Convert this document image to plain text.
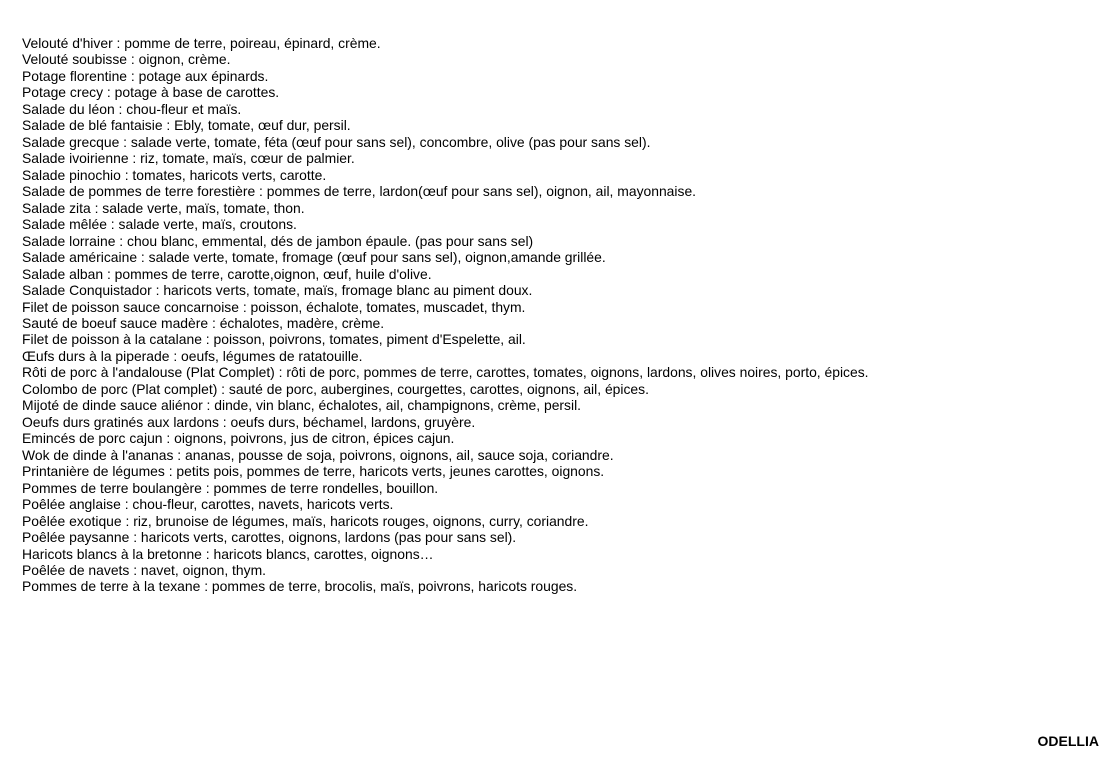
Velouté d'hiver : pomme de terre, poireau, épinard, crème.
Velouté soubisse : oignon, crème.
Potage florentine : potage aux épinards.
Potage crecy : potage à base de carottes.
Salade du léon : chou-fleur et maïs.
Salade de blé fantaisie : Ebly, tomate, œuf dur, persil.
Salade grecque : salade verte, tomate, féta (œuf pour sans sel), concombre, olive (pas pour sans sel).
Salade ivoirienne : riz, tomate, maïs, cœur de palmier.
Salade pinochio : tomates, haricots verts, carotte.
Salade de pommes de terre forestière : pommes de terre, lardon(œuf pour sans sel), oignon, ail, mayonnaise.
Salade zita : salade verte, maïs, tomate, thon.
Salade mêlée : salade verte, maïs, croutons.
Salade lorraine : chou blanc, emmental, dés de jambon épaule. (pas pour sans sel)
Salade américaine : salade verte, tomate, fromage (œuf pour sans sel), oignon,amande grillée.
Salade alban : pommes de terre, carotte,oignon, œuf, huile d'olive.
Salade Conquistador : haricots verts, tomate, maïs, fromage blanc au piment doux.
Filet de poisson sauce concarnoise : poisson, échalote, tomates, muscadet, thym.
Sauté de boeuf sauce madère : échalotes, madère, crème.
Filet de poisson à la catalane : poisson, poivrons, tomates, piment d'Espelette, ail.
Œufs durs à la piperade : oeufs, légumes de ratatouille.
Rôti de porc à l'andalouse (Plat Complet) : rôti de porc, pommes de terre, carottes, tomates, oignons, lardons, olives noires, porto, épices.
Colombo de porc (Plat complet) : sauté de porc, aubergines, courgettes, carottes, oignons, ail, épices.
Mijoté de dinde sauce aliénor : dinde, vin blanc, échalotes, ail, champignons, crème, persil.
Oeufs durs gratinés aux lardons : oeufs durs, béchamel, lardons, gruyère.
Emincés de porc cajun : oignons, poivrons, jus de citron, épices cajun.
Wok de dinde à l'ananas : ananas, pousse de soja, poivrons, oignons, ail, sauce soja, coriandre.
Printanière de légumes : petits pois, pommes de terre, haricots verts, jeunes carottes, oignons.
Pommes de terre boulangère : pommes de terre rondelles, bouillon.
Poêlée anglaise : chou-fleur, carottes, navets, haricots verts.
Poêlée exotique : riz, brunoise de légumes, maïs, haricots rouges, oignons, curry, coriandre.
Poêlée paysanne : haricots verts, carottes, oignons, lardons (pas pour sans sel).
Haricots blancs à la bretonne : haricots blancs, carottes, oignons…
Poêlée de navets : navet, oignon, thym.
Pommes de terre à la texane : pommes de terre, brocolis, maïs, poivrons, haricots rouges.
ODELLIA
